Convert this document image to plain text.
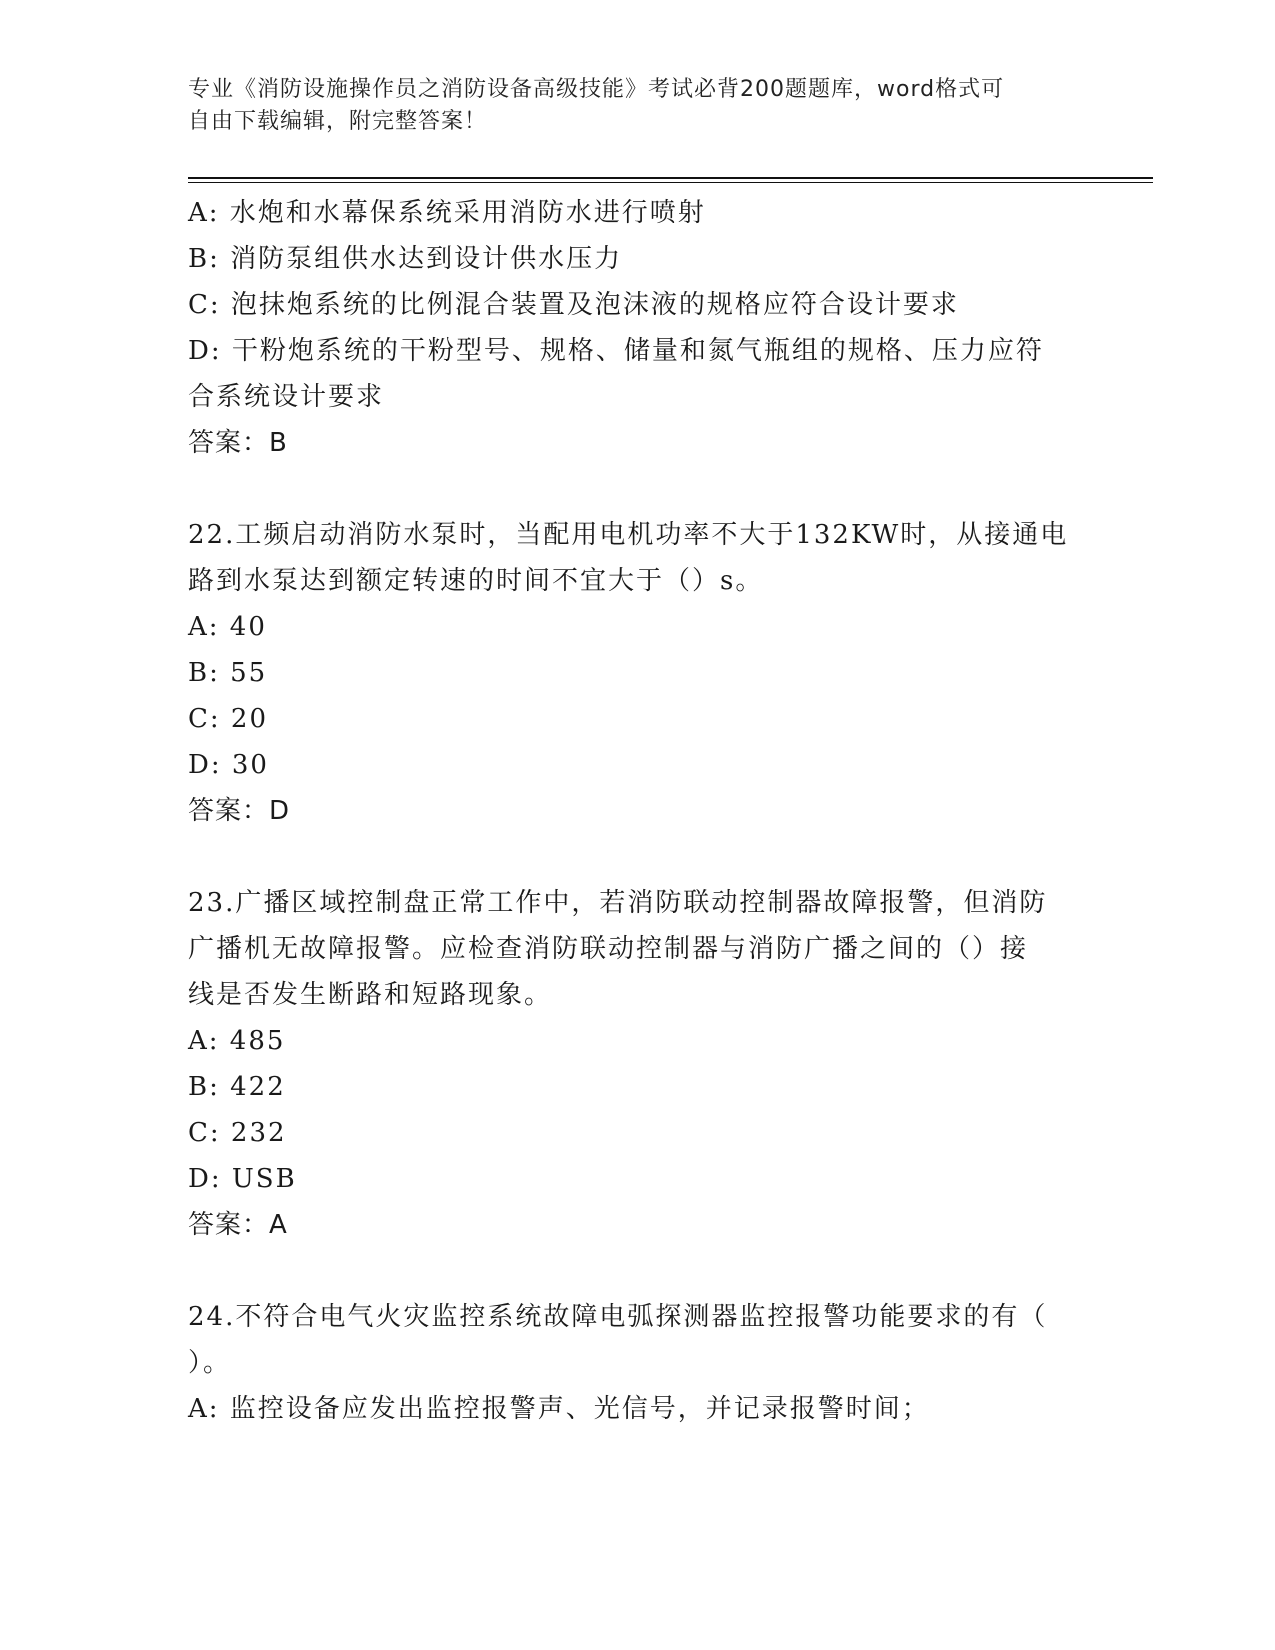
专业《消防设施操作员之消防设备高级技能》考试必背200题题库，word格式可
自由下载编辑，附完整答案！
A: 水炮和水幕保系统采用消防水进行喷射
B: 消防泵组供水达到设计供水压力
C: 泡抹炮系统的比例混合装置及泡沫液的规格应符合设计要求
D: 干粉炮系统的干粉型号、规格、储量和氮气瓶组的规格、压力应符
合系统设计要求
答案：B
22.工频启动消防水泵时，当配用电机功率不大于132KW时，从接通电
路到水泵达到额定转速的时间不宜大于（）s。
A: 40
B: 55
C: 20
D: 30
答案：D
23.广播区域控制盘正常工作中，若消防联动控制器故障报警，但消防
广播机无故障报警。应检查消防联动控制器与消防广播之间的（）接
线是否发生断路和短路现象。
A: 485
B: 422
C: 232
D: USB
答案：A
24.不符合电气火灾监控系统故障电弧探测器监控报警功能要求的有（
）。
A: 监控设备应发出监控报警声、光信号，并记录报警时间；
